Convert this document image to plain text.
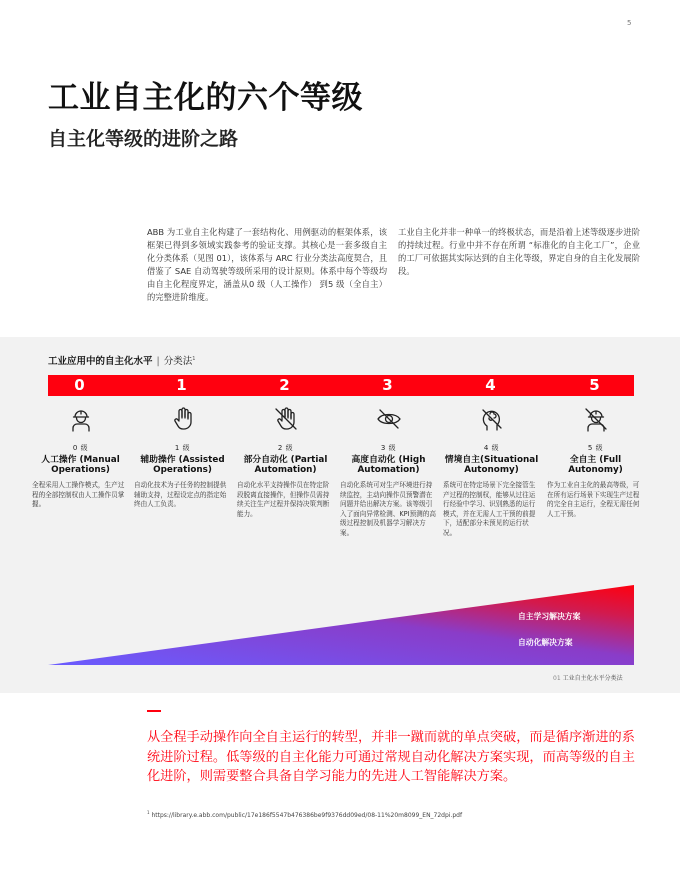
5
工业自主化的六个等级
自主化等级的进阶之路

ABB 为工业自主化构建了一套结构化、用例驱动的框架体系，该框架已得到多领域实践参考的验证支撑。其核心是一套多级自主化分类体系（见图 01），该体系与 ARC 行业分类法高度契合，且借鉴了 SAE 自动驾驶等级所采用的设计原则。体系中每个等级均由自主化程度界定，涵盖从0 级（人工操作） 到5 级（全自主） 的完整进阶维度。

工业自主化并非一种单一的终极状态，而是沿着上述等级逐步进阶的持续过程。行业中并不存在所谓 “标准化的自主化工厂”，企业的工厂可依据其实际达到的自主化等级，界定自身的自主化发展阶段。

工业应用中的自主化水平 | 分类法$^1$
0	1	2	3	4	5
0 级
人工操作 (Manual Operations)
全程采用人工操作模式，生产过程的全部控制权由人工操作员掌握。
1 级
辅助操作 (Assisted Operations)
自动化技术为子任务的控制提供辅助支持，过程设定点的指定始终由人工负责。
2 级
部分自动化 (Partial Automation)
自动化水平支持操作员在特定阶段脱离直接操作，但操作员需持续关注生产过程并保持决策判断能力。
3 级
高度自动化 (High Automation)
自动化系统可对生产环境进行持续监控，主动向操作员预警潜在问题并给出解决方案。该等级引入了面向异常检测、KPI预测的高级过程控制及机器学习解决方案。
4 级
情境自主(Situational Autonomy)
系统可在特定场景下完全接管生产过程的控制权，能够从过往运行经验中学习、识别熟悉的运行模式，并在无需人工干预的前提下，适配部分未预见的运行状况。
5 级
全自主 (Full Autonomy)
作为工业自主化的最高等级，可在所有运行场景下实现生产过程的完全自主运行，全程无需任何人工干预。
自主学习解决方案
自动化解决方案
01 工业自主化水平分类法

从全程手动操作向全自主运行的转型，并非一蹴而就的单点突破，而是循序渐进的系统进阶过程。低等级的自主化能力可通过常规自动化解决方案实现，而高等级的自主化进阶，则需要整合具备自学习能力的先进人工智能解决方案。

$^1$ https://library.e.abb.com/public/17e186f5547b476386be9f9376dd09ed/08-11%20m8099_EN_72dpi.pdf
